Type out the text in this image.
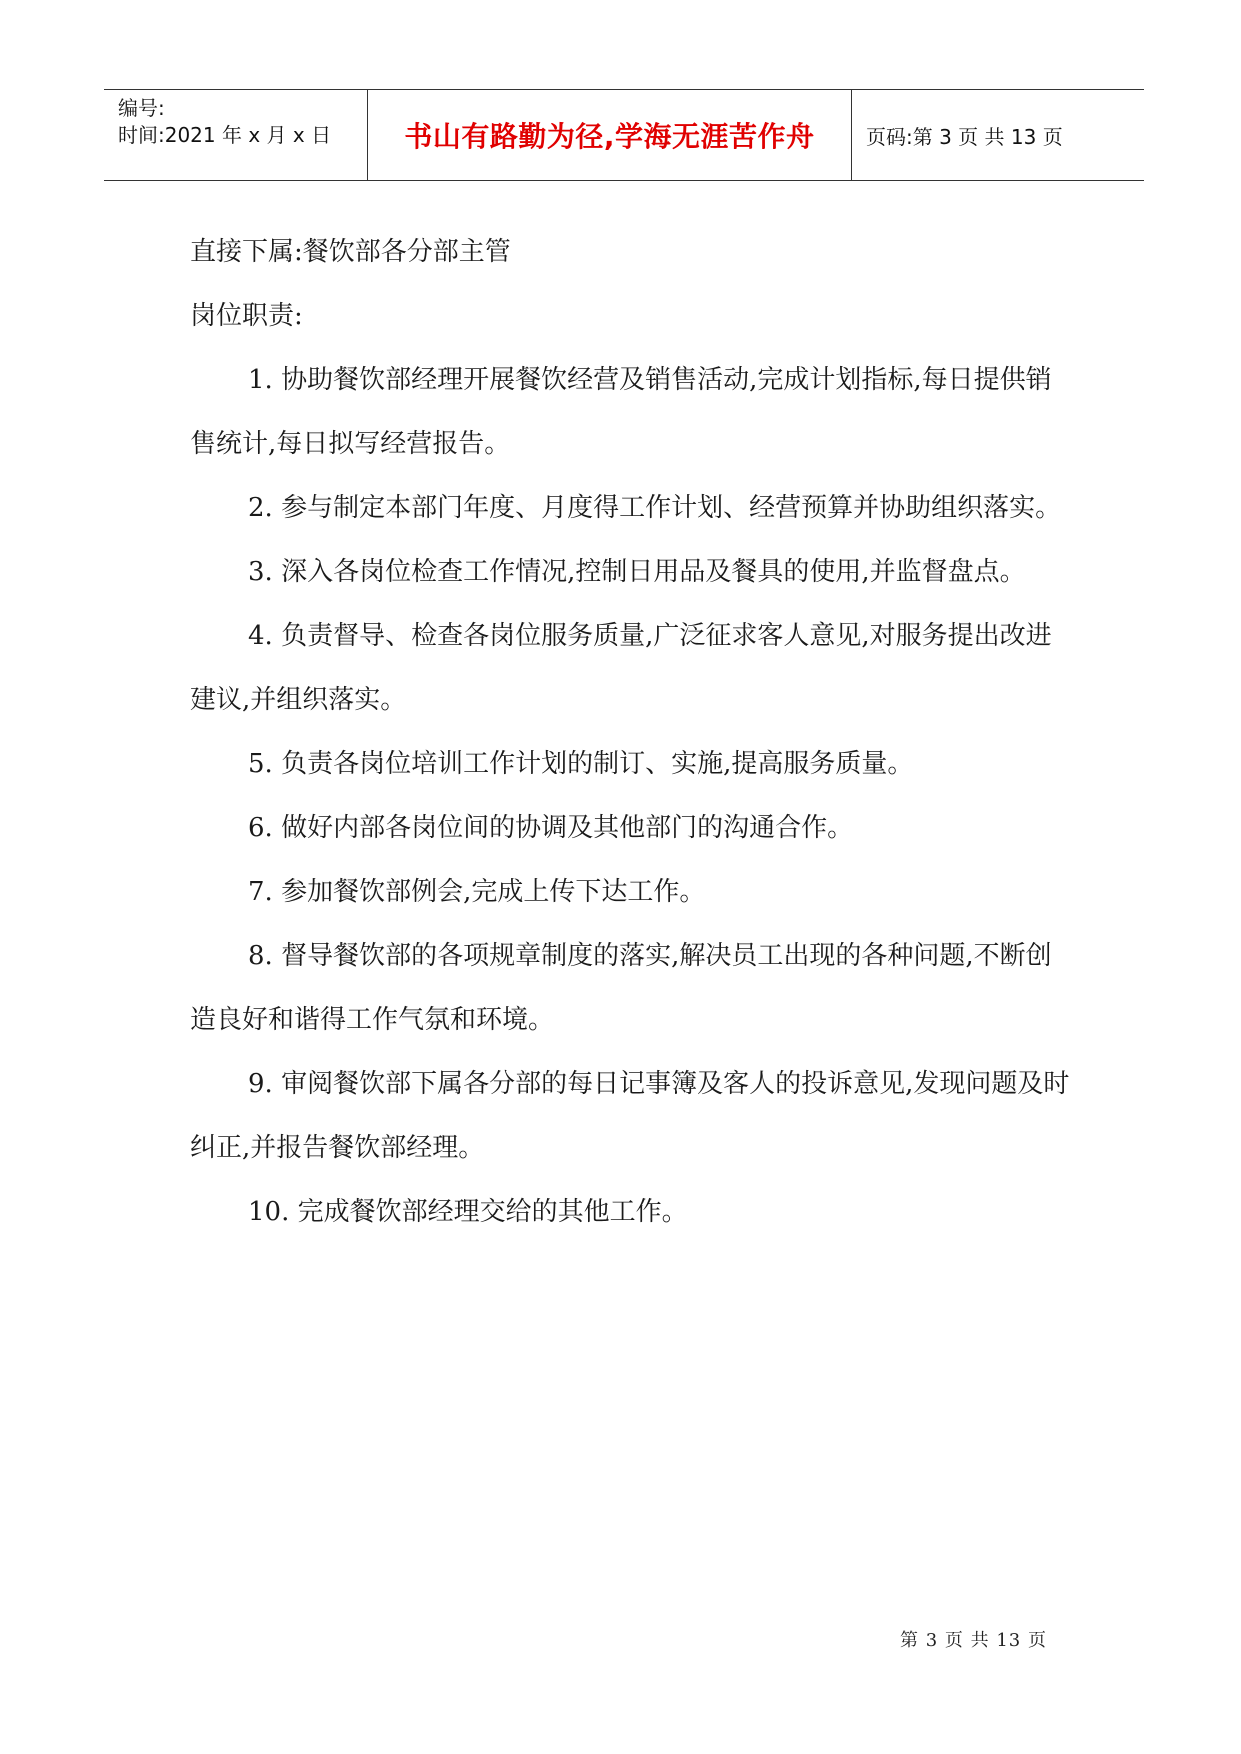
编号:
时间:2021 年 x 月 x 日	书山有路勤为径,学海无涯苦作舟	页码:第 3 页 共 13 页

直接下属:餐饮部各分部主管

岗位职责:

1. 协助餐饮部经理开展餐饮经营及销售活动,完成计划指标,每日提供销售统计,每日拟写经营报告。

2. 参与制定本部门年度、月度得工作计划、经营预算并协助组织落实。

3. 深入各岗位检查工作情况,控制日用品及餐具的使用,并监督盘点。

4. 负责督导、检查各岗位服务质量,广泛征求客人意见,对服务提出改进建议,并组织落实。

5. 负责各岗位培训工作计划的制订、实施,提高服务质量。

6. 做好内部各岗位间的协调及其他部门的沟通合作。

7. 参加餐饮部例会,完成上传下达工作。

8. 督导餐饮部的各项规章制度的落实,解决员工出现的各种问题,不断创造良好和谐得工作气氛和环境。

9. 审阅餐饮部下属各分部的每日记事簿及客人的投诉意见,发现问题及时纠正,并报告餐饮部经理。

10. 完成餐饮部经理交给的其他工作。

第 3 页 共 13 页
